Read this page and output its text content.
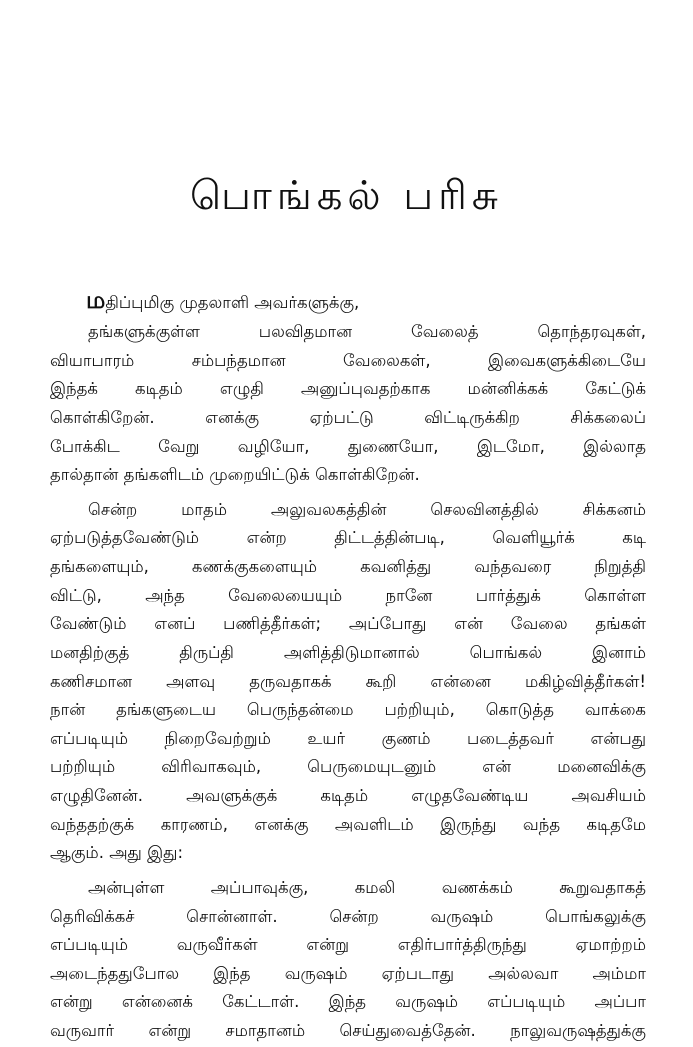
பொங்கல் பரிசு
மதிப்புமிகு முதலாளி அவர்களுக்கு,
தங்களுக்குள்ள பலவிதமான வேலைத் தொந்தரவுகள்,
வியாபாரம் சம்பந்தமான வேலைகள், இவைகளுக்கிடையே
இந்தக் கடிதம் எழுதி அனுப்புவதற்காக மன்னிக்கக் கேட்டுக்
கொள்கிறேன். எனக்கு ஏற்பட்டு விட்டிருக்கிற சிக்கலைப்
போக்கிட வேறு வழியோ, துணையோ, இடமோ, இல்லாத
தால்தான் தங்களிடம் முறையிட்டுக் கொள்கிறேன்.
சென்ற மாதம் அலுவலகத்தின் செலவினத்தில் சிக்கனம்
ஏற்படுத்தவேண்டும் என்ற திட்டத்தின்படி, வெளியூர்க் கடி
தங்களையும், கணக்குகளையும் கவனித்து வந்தவரை நிறுத்தி
விட்டு, அந்த வேலையையும் நானே பார்த்துக் கொள்ள
வேண்டும் எனப் பணித்தீர்கள்; அப்போது என் வேலை தங்கள்
மனதிற்குத் திருப்தி அளித்திடுமானால் பொங்கல் இனாம்
கணிசமான அளவு தருவதாகக் கூறி என்னை மகிழ்வித்தீர்கள்!
நான் தங்களுடைய பெருந்தன்மை பற்றியும், கொடுத்த வாக்கை
எப்படியும் நிறைவேற்றும் உயர் குணம் படைத்தவர் என்பது
பற்றியும் விரிவாகவும், பெருமையுடனும் என் மனைவிக்கு
எழுதினேன். அவளுக்குக் கடிதம் எழுதவேண்டிய அவசியம்
வந்ததற்குக் காரணம், எனக்கு அவளிடம் இருந்து வந்த கடிதமே
ஆகும். அது இது:
அன்புள்ள அப்பாவுக்கு, கமலி வணக்கம் கூறுவதாகத்
தெரிவிக்கச் சொன்னாள். சென்ற வருஷம் பொங்கலுக்கு
எப்படியும் வருவீர்கள் என்று எதிர்பார்த்திருந்து ஏமாற்றம்
அடைந்ததுபோல இந்த வருஷம் ஏற்படாது அல்லவா அம்மா
என்று என்னைக் கேட்டாள். இந்த வருஷம் எப்படியும் அப்பா
வருவார் என்று சமாதானம் செய்துவைத்தேன். நாலுவருஷத்துக்கு
